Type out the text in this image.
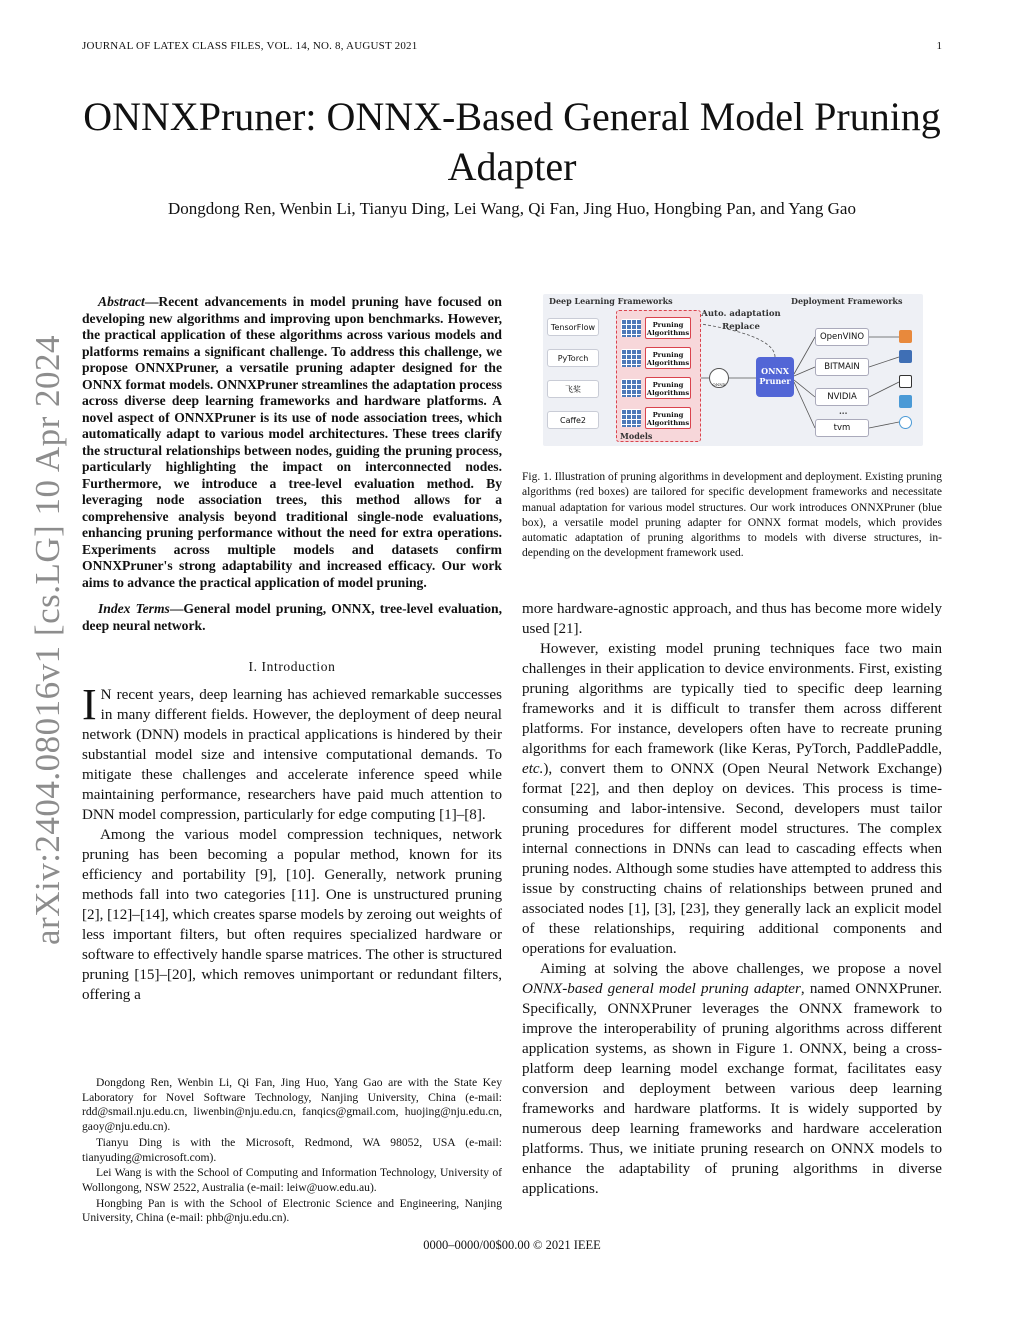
JOURNAL OF LATEX CLASS FILES, VOL. 14, NO. 8, AUGUST 2021	1
ONNXPruner: ONNX-Based General Model Pruning Adapter
Dongdong Ren, Wenbin Li, Tianyu Ding, Lei Wang, Qi Fan, Jing Huo, Hongbing Pan, and Yang Gao
arXiv:2404.08016v1 [cs.LG] 10 Apr 2024
Abstract—Recent advancements in model pruning have focused on developing new algorithms and improving upon benchmarks. However, the practical application of these algorithms across various models and platforms remains a significant challenge. To address this challenge, we propose ONNXPruner, a versatile pruning adapter designed for the ONNX format models. ONNXPruner streamlines the adaptation process across diverse deep learning frameworks and hardware platforms. A novel aspect of ONNXPruner is its use of node association trees, which automatically adapt to various model architectures. These trees clarify the structural relationships between nodes, guiding the pruning process, particularly highlighting the impact on interconnected nodes. Furthermore, we introduce a tree-level evaluation method. By leveraging node association trees, this method allows for a comprehensive analysis beyond traditional single-node evaluations, enhancing pruning performance without the need for extra operations. Experiments across multiple models and datasets confirm ONNXPruner's strong adaptability and increased efficacy. Our work aims to advance the practical application of model pruning.
Index Terms—General model pruning, ONNX, tree-level evaluation, deep neural network.
I. Introduction
I N recent years, deep learning has achieved remarkable successes in many different fields. However, the deployment of deep neural network (DNN) models in practical applications is hindered by their substantial model size and intensive computational demands. To mitigate these challenges and accelerate inference speed while maintaining performance, researchers have paid much attention to DNN model compression, particularly for edge computing [1]–[8].
Among the various model compression techniques, network pruning has been becoming a popular method, known for its efficiency and portability [9], [10]. Generally, network pruning methods fall into two categories [11]. One is unstructured pruning [2], [12]–[14], which creates sparse models by zeroing out weights of less important filters, but often requires specialized hardware or software to effectively handle sparse matrices. The other is structured pruning [15]–[20], which removes unimportant or redundant filters, offering a

Dongdong Ren, Wenbin Li, Qi Fan, Jing Huo, Yang Gao are with the State Key Laboratory for Novel Software Technology, Nanjing University, China (e-mail: rdd@smail.nju.edu.cn, liwenbin@nju.edu.cn, fanqics@gmail.com, huojing@nju.edu.cn, gaoy@nju.edu.cn).

Tianyu Ding is with the Microsoft, Redmond, WA 98052, USA (e-mail: tianyuding@microsoft.com).

Lei Wang is with the School of Computing and Information Technology, University of Wollongong, NSW 2522, Australia (e-mail: leiw@uow.edu.au).

Hongbing Pan is with the School of Electronic Science and Engineering, Nanjing University, China (e-mail: phb@nju.edu.cn).

Deep Learning Frameworks	Deployment Frameworks
TensorFlow
PyTorch
飞桨
Caffe2
Pruning Algorithms
Pruning Algorithms
Pruning Algorithms
Pruning Algorithms
Models
Auto. adaptation
Replace
ONNX
ONNX Pruner
OpenVINO
BITMAIN
NVIDIA
...
tvm
Fig. 1. Illustration of pruning algorithms in development and deployment. Existing pruning algorithms (red boxes) are tailored for specific development frameworks and necessitate manual adaptation for various model structures. Our work introduces ONNXPruner (blue box), a versatile model pruning adapter for ONNX format models, which provides automatic adaptation of pruning algorithms to models with diverse structures, in-depending on the development framework used.
more hardware-agnostic approach, and thus has become more widely used [21].
However, existing model pruning techniques face two main challenges in their application to device environments. First, existing pruning algorithms are typically tied to specific deep learning frameworks and it is difficult to transfer them across different platforms. For instance, developers often have to recreate pruning algorithms for each framework (like Keras, PyTorch, PaddlePaddle, etc.), convert them to ONNX (Open Neural Network Exchange) format [22], and then deploy on devices. This process is time-consuming and labor-intensive. Second, developers must tailor pruning procedures for different model structures. The complex internal connections in DNNs can lead to cascading effects when pruning nodes. Although some studies have attempted to address this issue by constructing chains of relationships between pruned and associated nodes [1], [3], [23], they generally lack an explicit model of these relationships, requiring additional components and operations for evaluation.
Aiming at solving the above challenges, we propose a novel ONNX-based general model pruning adapter, named ONNXPruner. Specifically, ONNXPruner leverages the ONNX framework to improve the interoperability of pruning algorithms across different application systems, as shown in Figure 1. ONNX, being a cross-platform deep learning model exchange format, facilitates easy conversion and deployment between various deep learning frameworks and hardware platforms. It is widely supported by numerous deep learning frameworks and hardware acceleration platforms. Thus, we initiate pruning research on ONNX models to enhance the adaptability of pruning algorithms in diverse applications.
0000–0000/00$00.00 © 2021 IEEE
